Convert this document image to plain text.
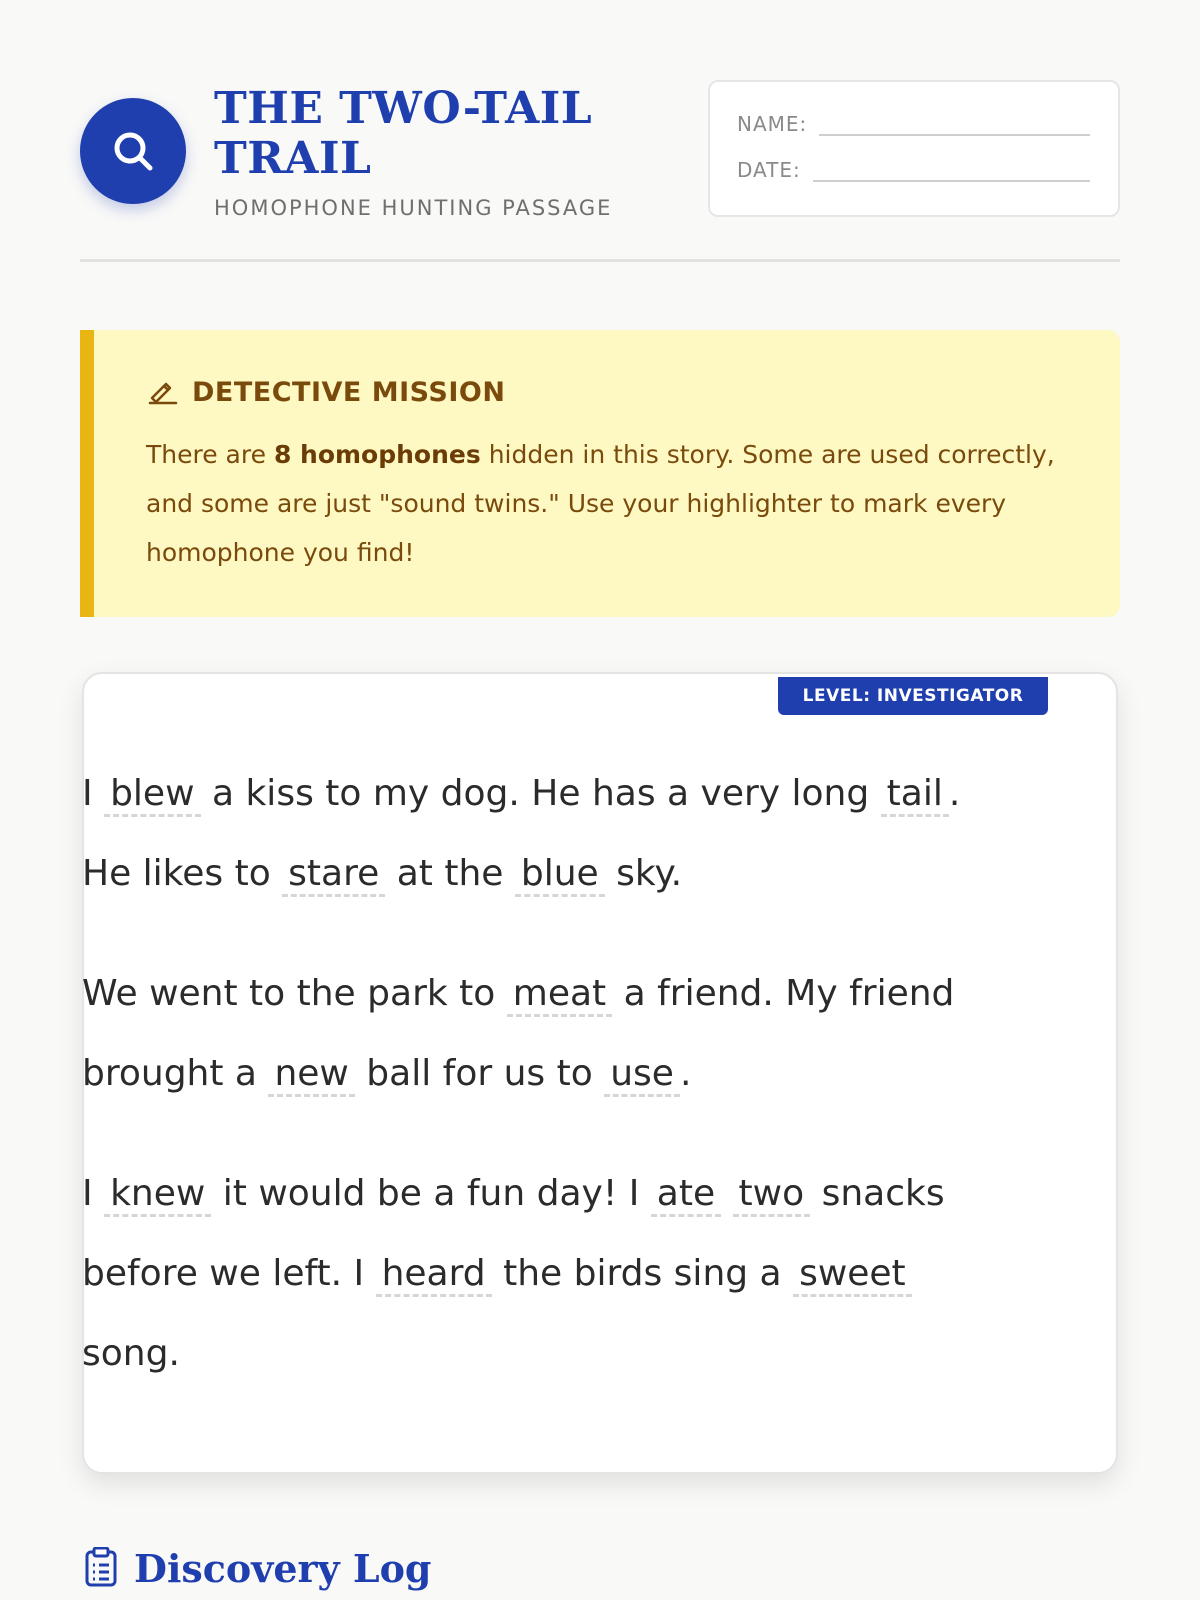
THE TWO-TAIL TRAIL
HOMOPHONE HUNTING PASSAGE
NAME:
DATE:
DETECTIVE MISSION
There are 8 homophones hidden in this story. Some are used correctly, and some are just "sound twins." Use your highlighter to mark every homophone you find!
LEVEL: INVESTIGATOR
I blew a kiss to my dog. He has a very long tail . He likes to stare at the blue sky.
We went to the park to meat a friend. My friend brought a new ball for us to use .
I knew it would be a fun day! I ate two snacks before we left. I heard the birds sing a sweet song.
Discovery Log
